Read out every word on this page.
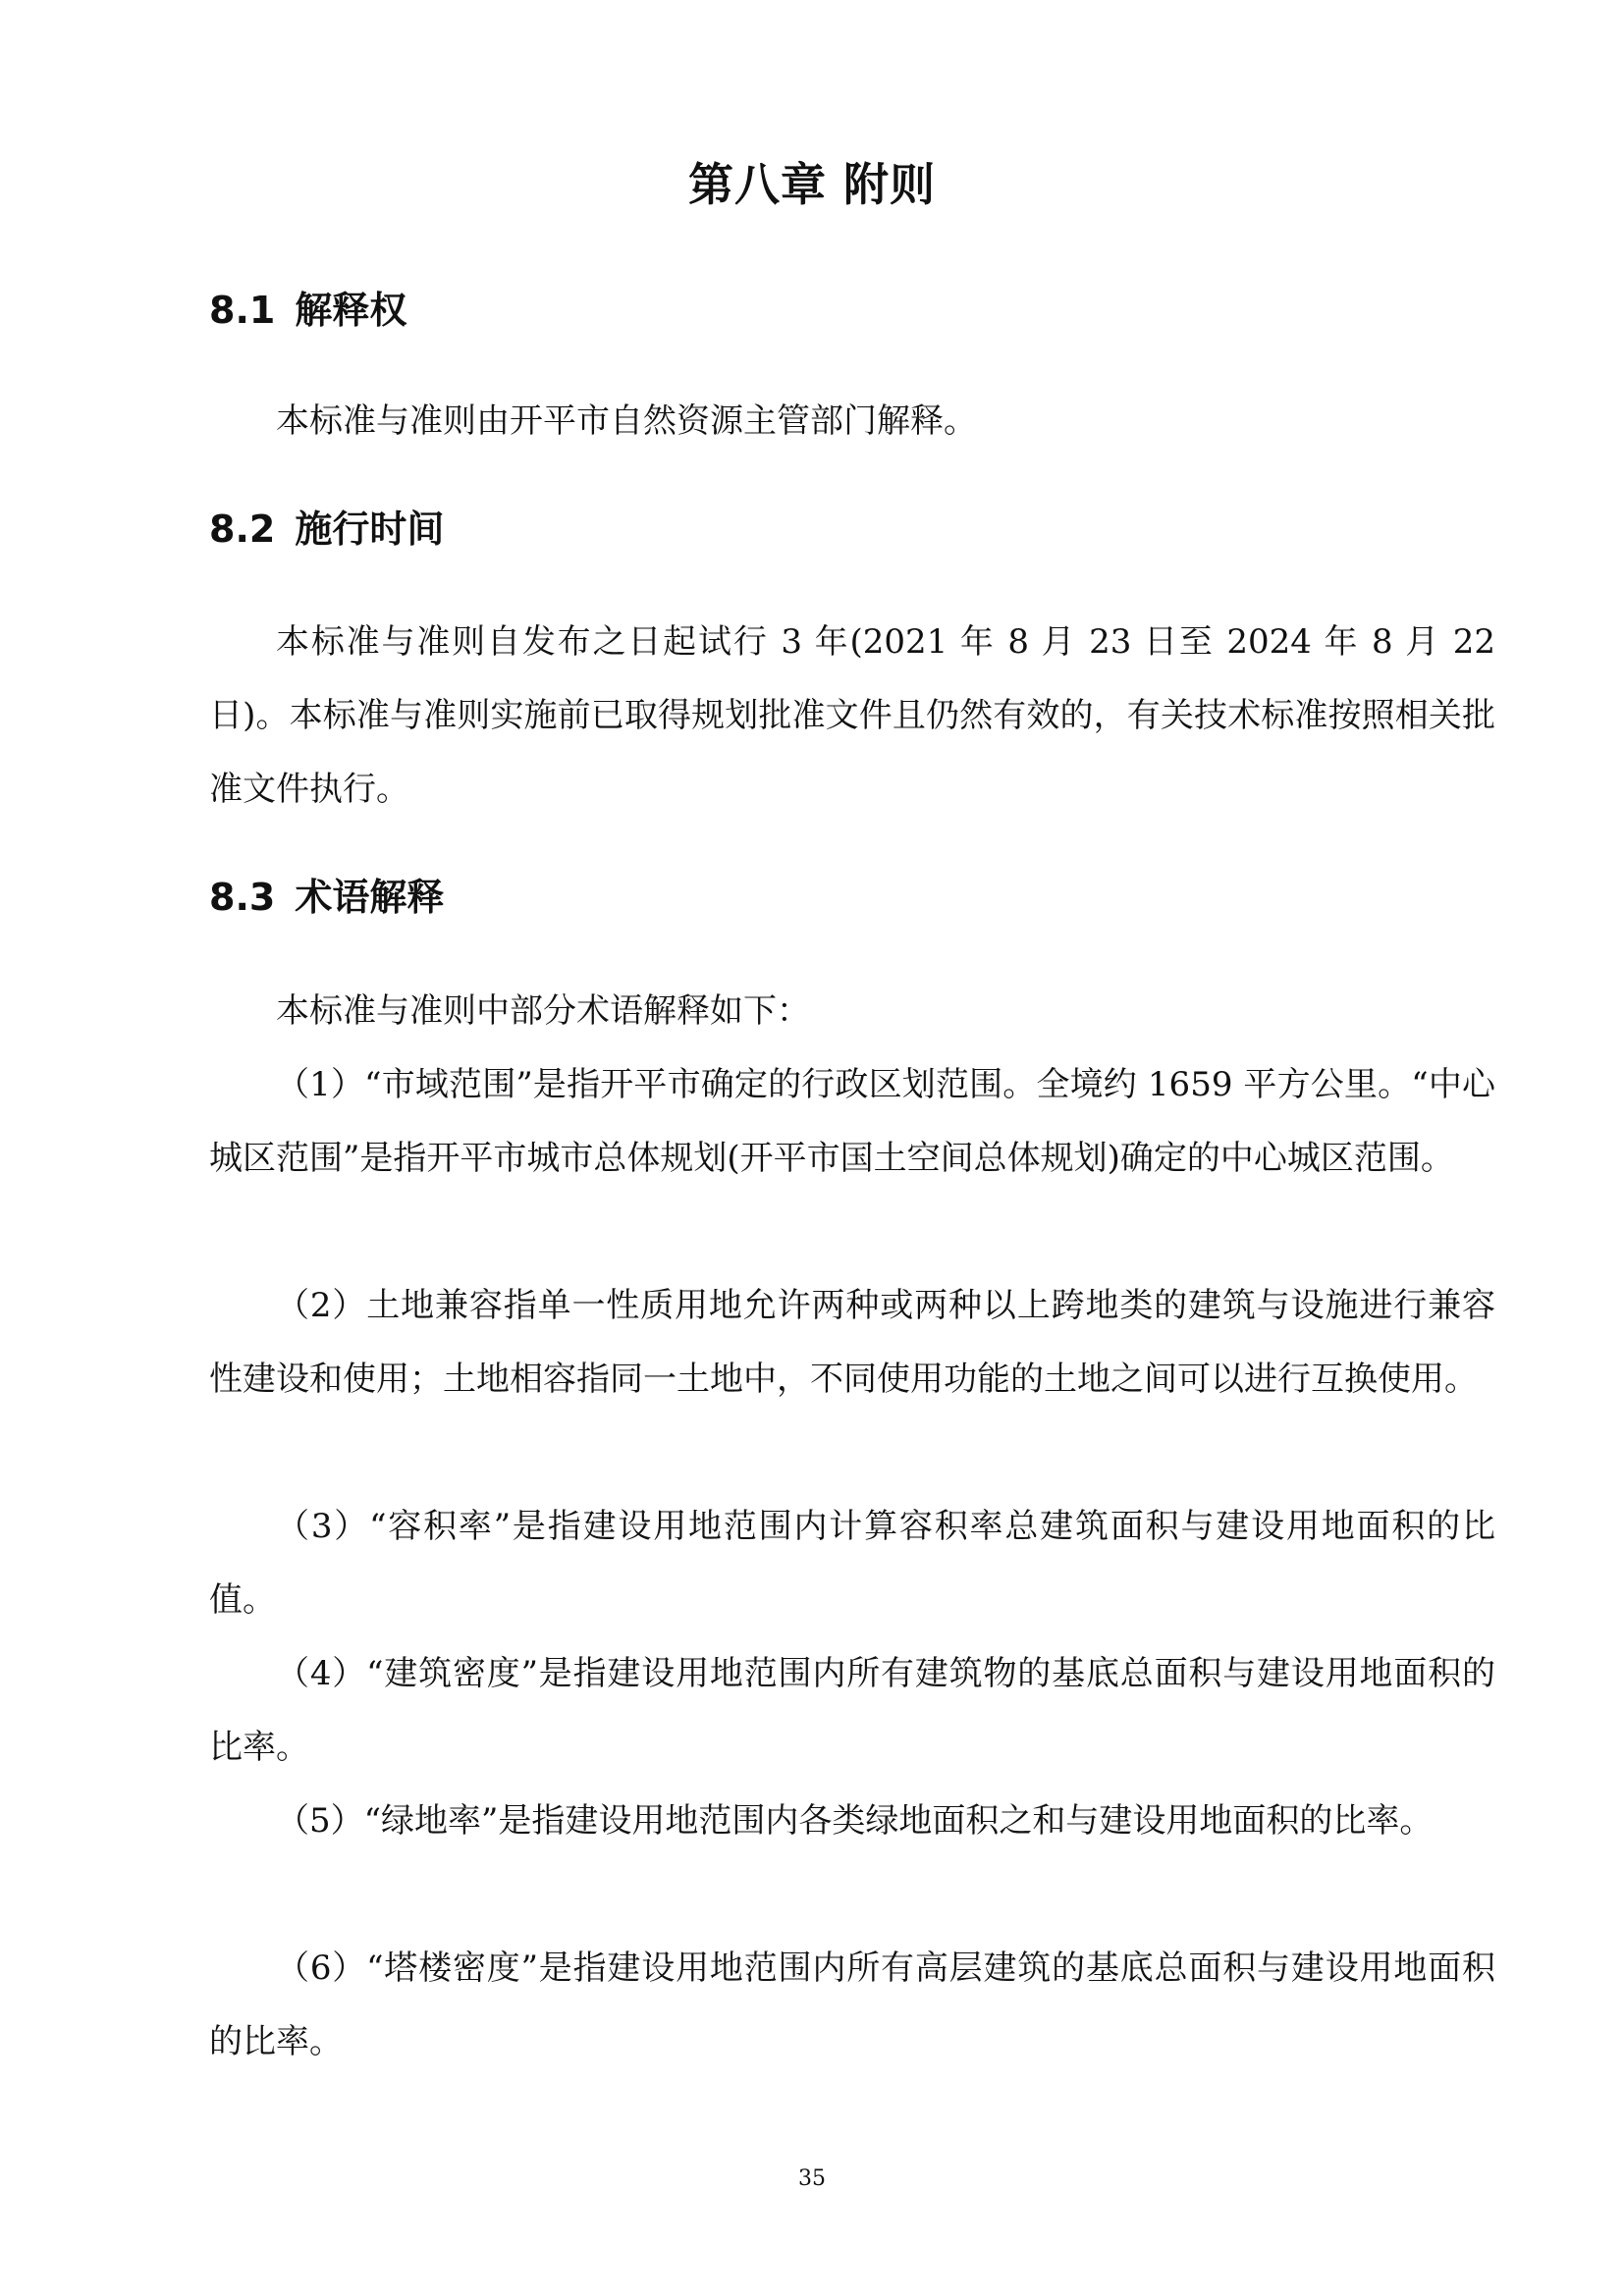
第八章 附则
8.1 解释权

本标准与准则由开平市自然资源主管部门解释。

8.2 施行时间

本标准与准则自发布之日起试行 3 年(2021 年 8 月 23 日至 2024 年 8 月 22 日)。本标准与准则实施前已取得规划批准文件且仍然有效的，有关技术标准按照相关批准文件执行。

8.3 术语解释

本标准与准则中部分术语解释如下：

（1）“市域范围”是指开平市确定的行政区划范围。全境约 1659 平方公里。“中心城区范围”是指开平市城市总体规划(开平市国土空间总体规划)确定的中心城区范围。

（2）土地兼容指单一性质用地允许两种或两种以上跨地类的建筑与设施进行兼容性建设和使用；土地相容指同一土地中，不同使用功能的土地之间可以进行互换使用。

（3）“容积率”是指建设用地范围内计算容积率总建筑面积与建设用地面积的比值。

（4）“建筑密度”是指建设用地范围内所有建筑物的基底总面积与建设用地面积的比率。

（5）“绿地率”是指建设用地范围内各类绿地面积之和与建设用地面积的比率。

（6）“塔楼密度”是指建设用地范围内所有高层建筑的基底总面积与建设用地面积的比率。

35
